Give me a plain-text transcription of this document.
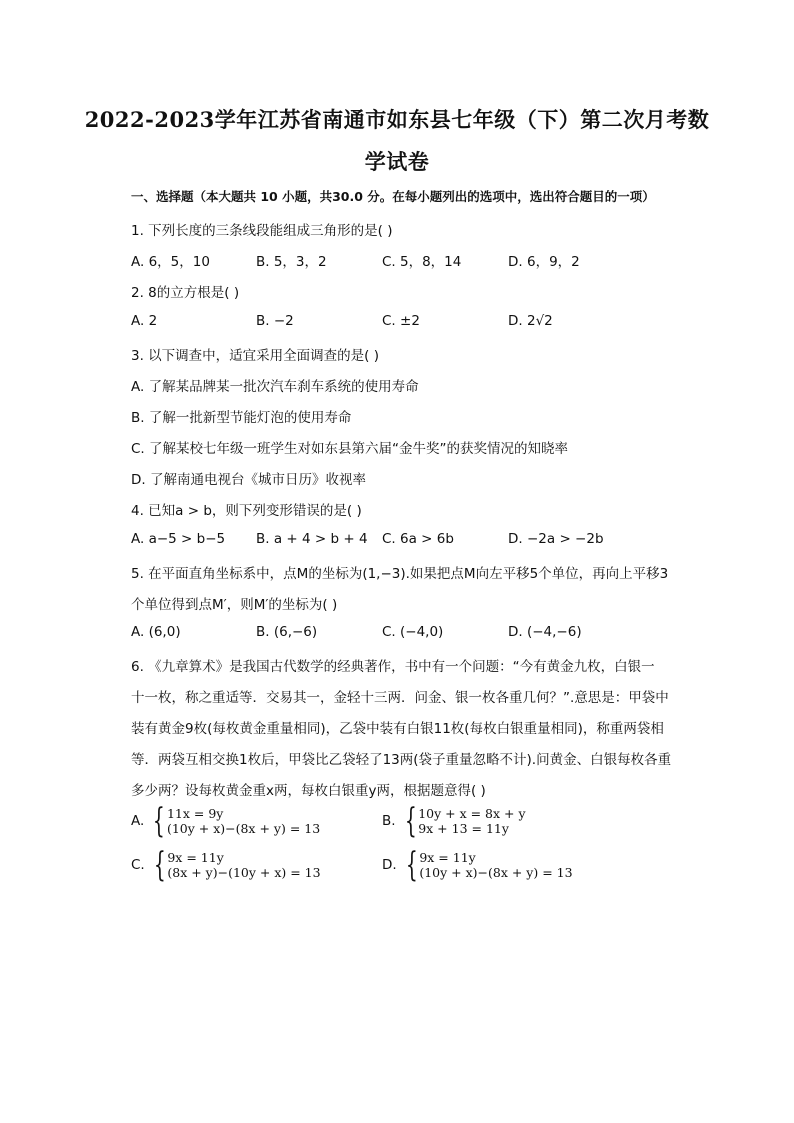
2022-2023学年江苏省南通市如东县七年级（下）第二次月考数
学试卷
一、选择题（本大题共 10 小题，共30.0 分。在每小题列出的选项中，选出符合题目的一项）
1. 下列长度的三条线段能组成三角形的是( )
A. 6，5，10	B. 5，3，2	C. 5，8，14	D. 6，9，2
2. 8的立方根是( )
A. 2	B. −2	C. ±2	D. 2√2
3. 以下调查中，适宜采用全面调查的是( )
A. 了解某品牌某一批次汽车刹车系统的使用寿命
B. 了解一批新型节能灯泡的使用寿命
C. 了解某校七年级一班学生对如东县第六届“金牛奖”的获奖情况的知晓率
D. 了解南通电视台《城市日历》收视率
4. 已知a > b，则下列变形错误的是( )
A. a−5 > b−5 B. a + 4 > b + 4 C. 6a > 6b	D. −2a > −2b
5. 在平面直角坐标系中，点M的坐标为(1,−3).如果把点M向左平移5个单位，再向上平移3
个单位得到点M′，则M′的坐标为( )
A. (6,0)	B. (6,−6)	C. (−4,0)	D. (−4,−6)
6. 《九章算术》是我国古代数学的经典著作，书中有一个问题：“今有黄金九枚，白银一
十一枚，称之重适等．交易其一，金轻十三两．问金、银一枚各重几何？”.意思是：甲袋中
装有黄金9枚(每枚黄金重量相同)，乙袋中装有白银11枚(每枚白银重量相同)，称重两袋相
等．两袋互相交换1枚后，甲袋比乙袋轻了13两(袋子重量忽略不计).问黄金、白银每枚各重
多少两？设每枚黄金重x两，每枚白银重y两，根据题意得( )
A. { 11x = 9y
(10y + x)−(8x + y) = 13	B. { 10y + x = 8x + y
9x + 13 = 11y
C. { 9x = 11y
(8x + y)−(10y + x) = 13	D. { 9x = 11y
(10y + x)−(8x + y) = 13
